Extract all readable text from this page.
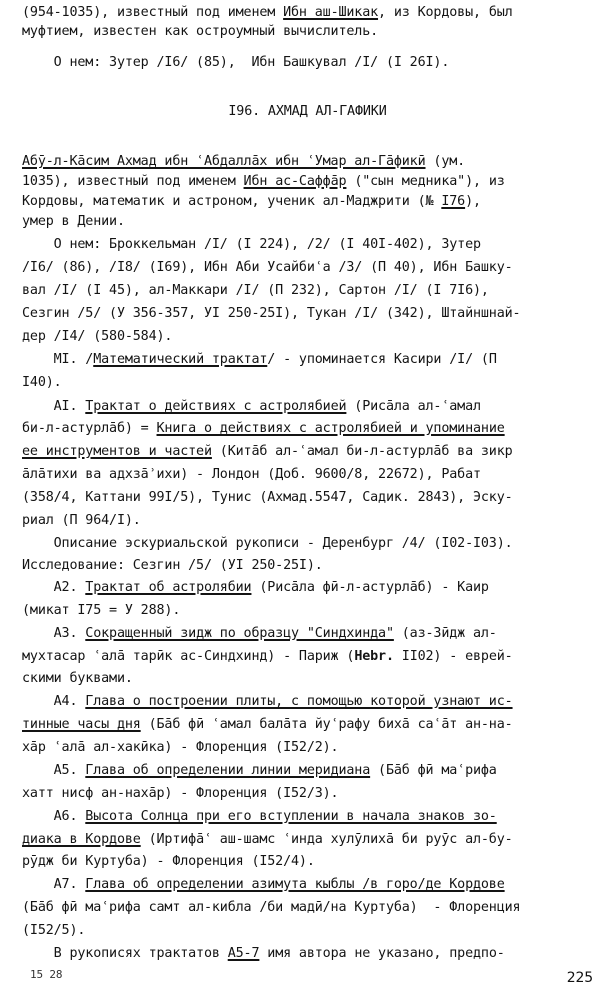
(954-1035), известный под именем Ибн аш-Шикак, из Кордовы, был
муфтием, известен как остроумный вычислитель.
О нем: Зутер /I6/ (85),  Ибн Башкувал /I/ (I 26I).
I96. АХМАД АЛ-ГАФИКИ
Абӯ-л-Ка̄сим Ахмад ибн ʿАбдалла̄х ибн ʿУмар ал-Га̄фикӣ (ум.
1035), известный под именем Ибн ас-Саффа̄р ("сын медника"), из
Кордовы, математик и астроном, ученик ал-Маджрити (№ I76),
умер в Дении.
О нем: Броккельман /I/ (I 224), /2/ (I 40I-402), Зутер
/I6/ (86), /I8/ (I69), Ибн Аби Усайбиʿа /3/ (П 40), Ибн Башку-
вал /I/ (I 45), ал-Маккари /I/ (П 232), Сартон /I/ (I 7I6),
Сезгин /5/ (У 356-357, УI 250-25I), Тукан /I/ (342), Штайншнай-
дер /I4/ (580-584).
МI. /Математический трактат/ - упоминается Касири /I/ (П
I40).
АI. Трактат о действиях с астролябией (Риса̄ла ал-ʿамал
би-л-астурла̄б) = Книга о действиях с астролябией и упоминание
ее инструментов и частей (Кита̄б ал-ʿамал би-л-астурла̄б ва зикр
а̄ла̄тихи ва адхза̄ʾихи) - Лондон (Доб. 9600/8, 22672), Рабат
(358/4, Каттани 99I/5), Тунис (Ахмад.5547, Садик. 2843), Эску-
риал (П 964/I).
Описание эскуриальской рукописи - Деренбург /4/ (I02-I03).
Исследование: Сезгин /5/ (УI 250-25I).
А2. Трактат об астролябии (Риса̄ла фӣ-л-астурла̄б) - Каир
(микат I75 = У 288).
А3. Сокращенный зидж по образцу "Синдхинда" (аз-Зӣдж ал-
мухтасар ʿала̄ тарӣк ас-Синдхинд) - Париж (Hebr. II02) - еврей-
скими буквами.
А4. Глава о построении плиты, с помощью которой узнают ис-
тинные часы дня (Ба̄б фӣ ʿамал бала̄та йуʿрафу биха̄ саʿа̄т ан-на-
ха̄р ʿала̄ ал-хакӣка) - Флоренция (I52/2).
А5. Глава об определении линии меридиана (Ба̄б фӣ маʿрифа
хатт нисф ан-наха̄р) - Флоренция (I52/3).
А6. Высота Солнца при его вступлении в начала знаков зо-
диака в Кордове (Иртифа̄ʿ аш-шамс ʿинда хулӯлиха̄ би руӯс ал-бу-
рӯдж би Куртуба) - Флоренция (I52/4).
А7. Глава об определении азимута кыблы /в горо/де Кордове
(Ба̄б фӣ маʿрифа самт ал-кибла /би мадӣ/на Куртуба)  - Флоренция
(I52/5).
В рукописях трактатов А5-7 имя автора не указано, предпо-
15 28	225
